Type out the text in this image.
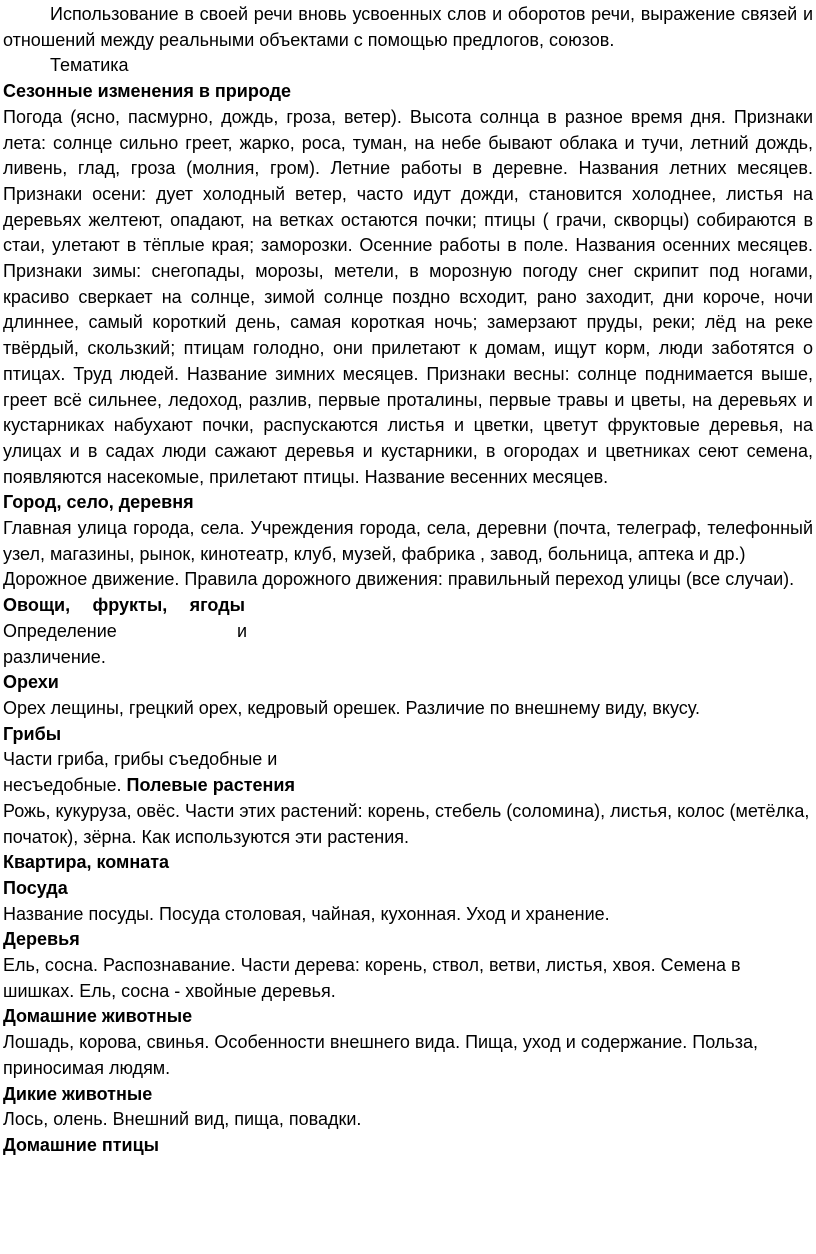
Использование в своей речи вновь усвоенных слов и оборотов речи, выражение связей и отношений между реальными объектами с помощью предлогов, союзов.

Тематика

Сезонные изменения в природе

Погода (ясно, пасмурно, дождь, гроза, ветер). Высота солнца в разное время дня. Признаки лета: солнце сильно греет, жарко, роса, туман, на небе бывают облака и тучи, летний дождь, ливень, глад, гроза (молния, гром). Летние работы в деревне. Названия летних месяцев. Признаки осени: дует холодный ветер, часто идут дожди, становится холоднее, листья на деревьях желтеют, опадают, на ветках остаются почки; птицы ( грачи, скворцы) собираются в стаи, улетают в тёплые края; заморозки. Осенние работы в поле. Названия осенних месяцев. Признаки зимы: снегопады, морозы, метели, в морозную погоду снег скрипит под ногами, красиво сверкает на солнце, зимой солнце поздно всходит, рано заходит, дни короче, ночи длиннее, самый короткий день, самая короткая ночь; замерзают пруды, реки; лёд на реке твёрдый, скользкий; птицам голодно, они прилетают к домам, ищут корм, люди заботятся о птицах. Труд людей. Название зимних месяцев. Признаки весны: солнце поднимается выше, греет всё сильнее, ледоход, разлив, первые проталины, первые травы и цветы, на деревьях и кустарниках набухают почки, распускаются листья и цветки, цветут фруктовые деревья, на улицах и в садах люди сажают деревья и кустарники, в огородах и цветниках сеют семена, появляются насекомые, прилетают птицы. Название весенних месяцев.

Город, село, деревня

Главная улица города, села. Учреждения города, села, деревни (почта, телеграф, телефонный узел, магазины, рынок, кинотеатр, клуб, музей, фабрика , завод, больница, аптека и др.)

Дорожное движение. Правила дорожного движения: правильный переход улицы (все случаи).

Овощи, фрукты, ягоды

Определение	и

различение.

Орехи

Орех лещины, грецкий орех, кедровый орешек. Различие по внешнему виду, вкусу.

Грибы

Части гриба, грибы съедобные и

несъедобные. Полевые растения

Рожь, кукуруза, овёс. Части этих растений: корень, стебель (соломина), листья, колос (метёлка, початок), зёрна. Как используются эти растения.

Квартира, комната

Посуда

Название посуды. Посуда столовая, чайная, кухонная. Уход и хранение.

Деревья

Ель, сосна. Распознавание. Части дерева: корень, ствол, ветви, листья, хвоя. Семена в шишках. Ель, сосна - хвойные деревья.

Домашние животные

Лошадь, корова, свинья. Особенности внешнего вида. Пища, уход и содержание. Польза, приносимая людям.

Дикие животные

Лось, олень. Внешний вид, пища, повадки.

Домашние птицы
